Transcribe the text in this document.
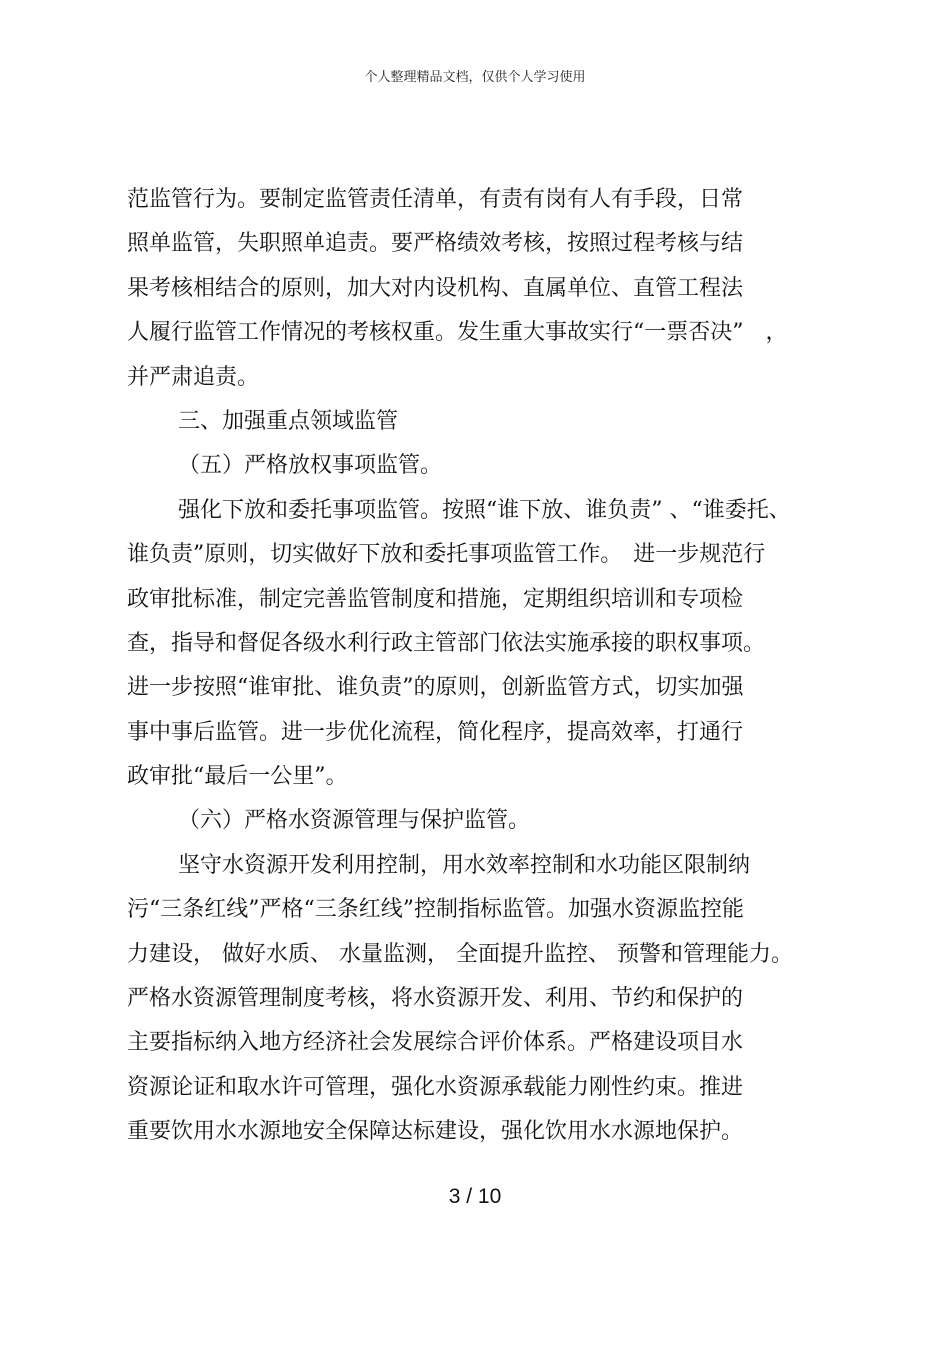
个人整理精品文档，仅供个人学习使用
范监管行为。要制定监管责任清单，有责有岗有人有手段，日常
照单监管，失职照单追责。要严格绩效考核，按照过程考核与结
果考核相结合的原则，加大对内设机构、直属单位、直管工程法
人履行监管工作情况的考核权重。发生重大事故实行“一票否决”　，
并严肃追责。
三、加强重点领域监管
（五）严格放权事项监管。
强化下放和委托事项监管。按照“谁下放、谁负责” 、“谁委托、
谁负责”原则，切实做好下放和委托事项监管工作。　进一步规范行
政审批标准，制定完善监管制度和措施，定期组织培训和专项检
查，指导和督促各级水利行政主管部门依法实施承接的职权事项。
进一步按照“谁审批、谁负责”的原则，创新监管方式，切实加强
事中事后监管。进一步优化流程，简化程序，提高效率，打通行
政审批“最后一公里”。
（六）严格水资源管理与保护监管。
坚守水资源开发利用控制，用水效率控制和水功能区限制纳
污“三条红线”严格“三条红线”控制指标监管。加强水资源监控能
力建设， 做好水质、 水量监测， 全面提升监控、 预警和管理能力。
严格水资源管理制度考核，将水资源开发、利用、节约和保护的
主要指标纳入地方经济社会发展综合评价体系。严格建设项目水
资源论证和取水许可管理，强化水资源承载能力刚性约束。推进
重要饮用水水源地安全保障达标建设，强化饮用水水源地保护。
3 / 10
